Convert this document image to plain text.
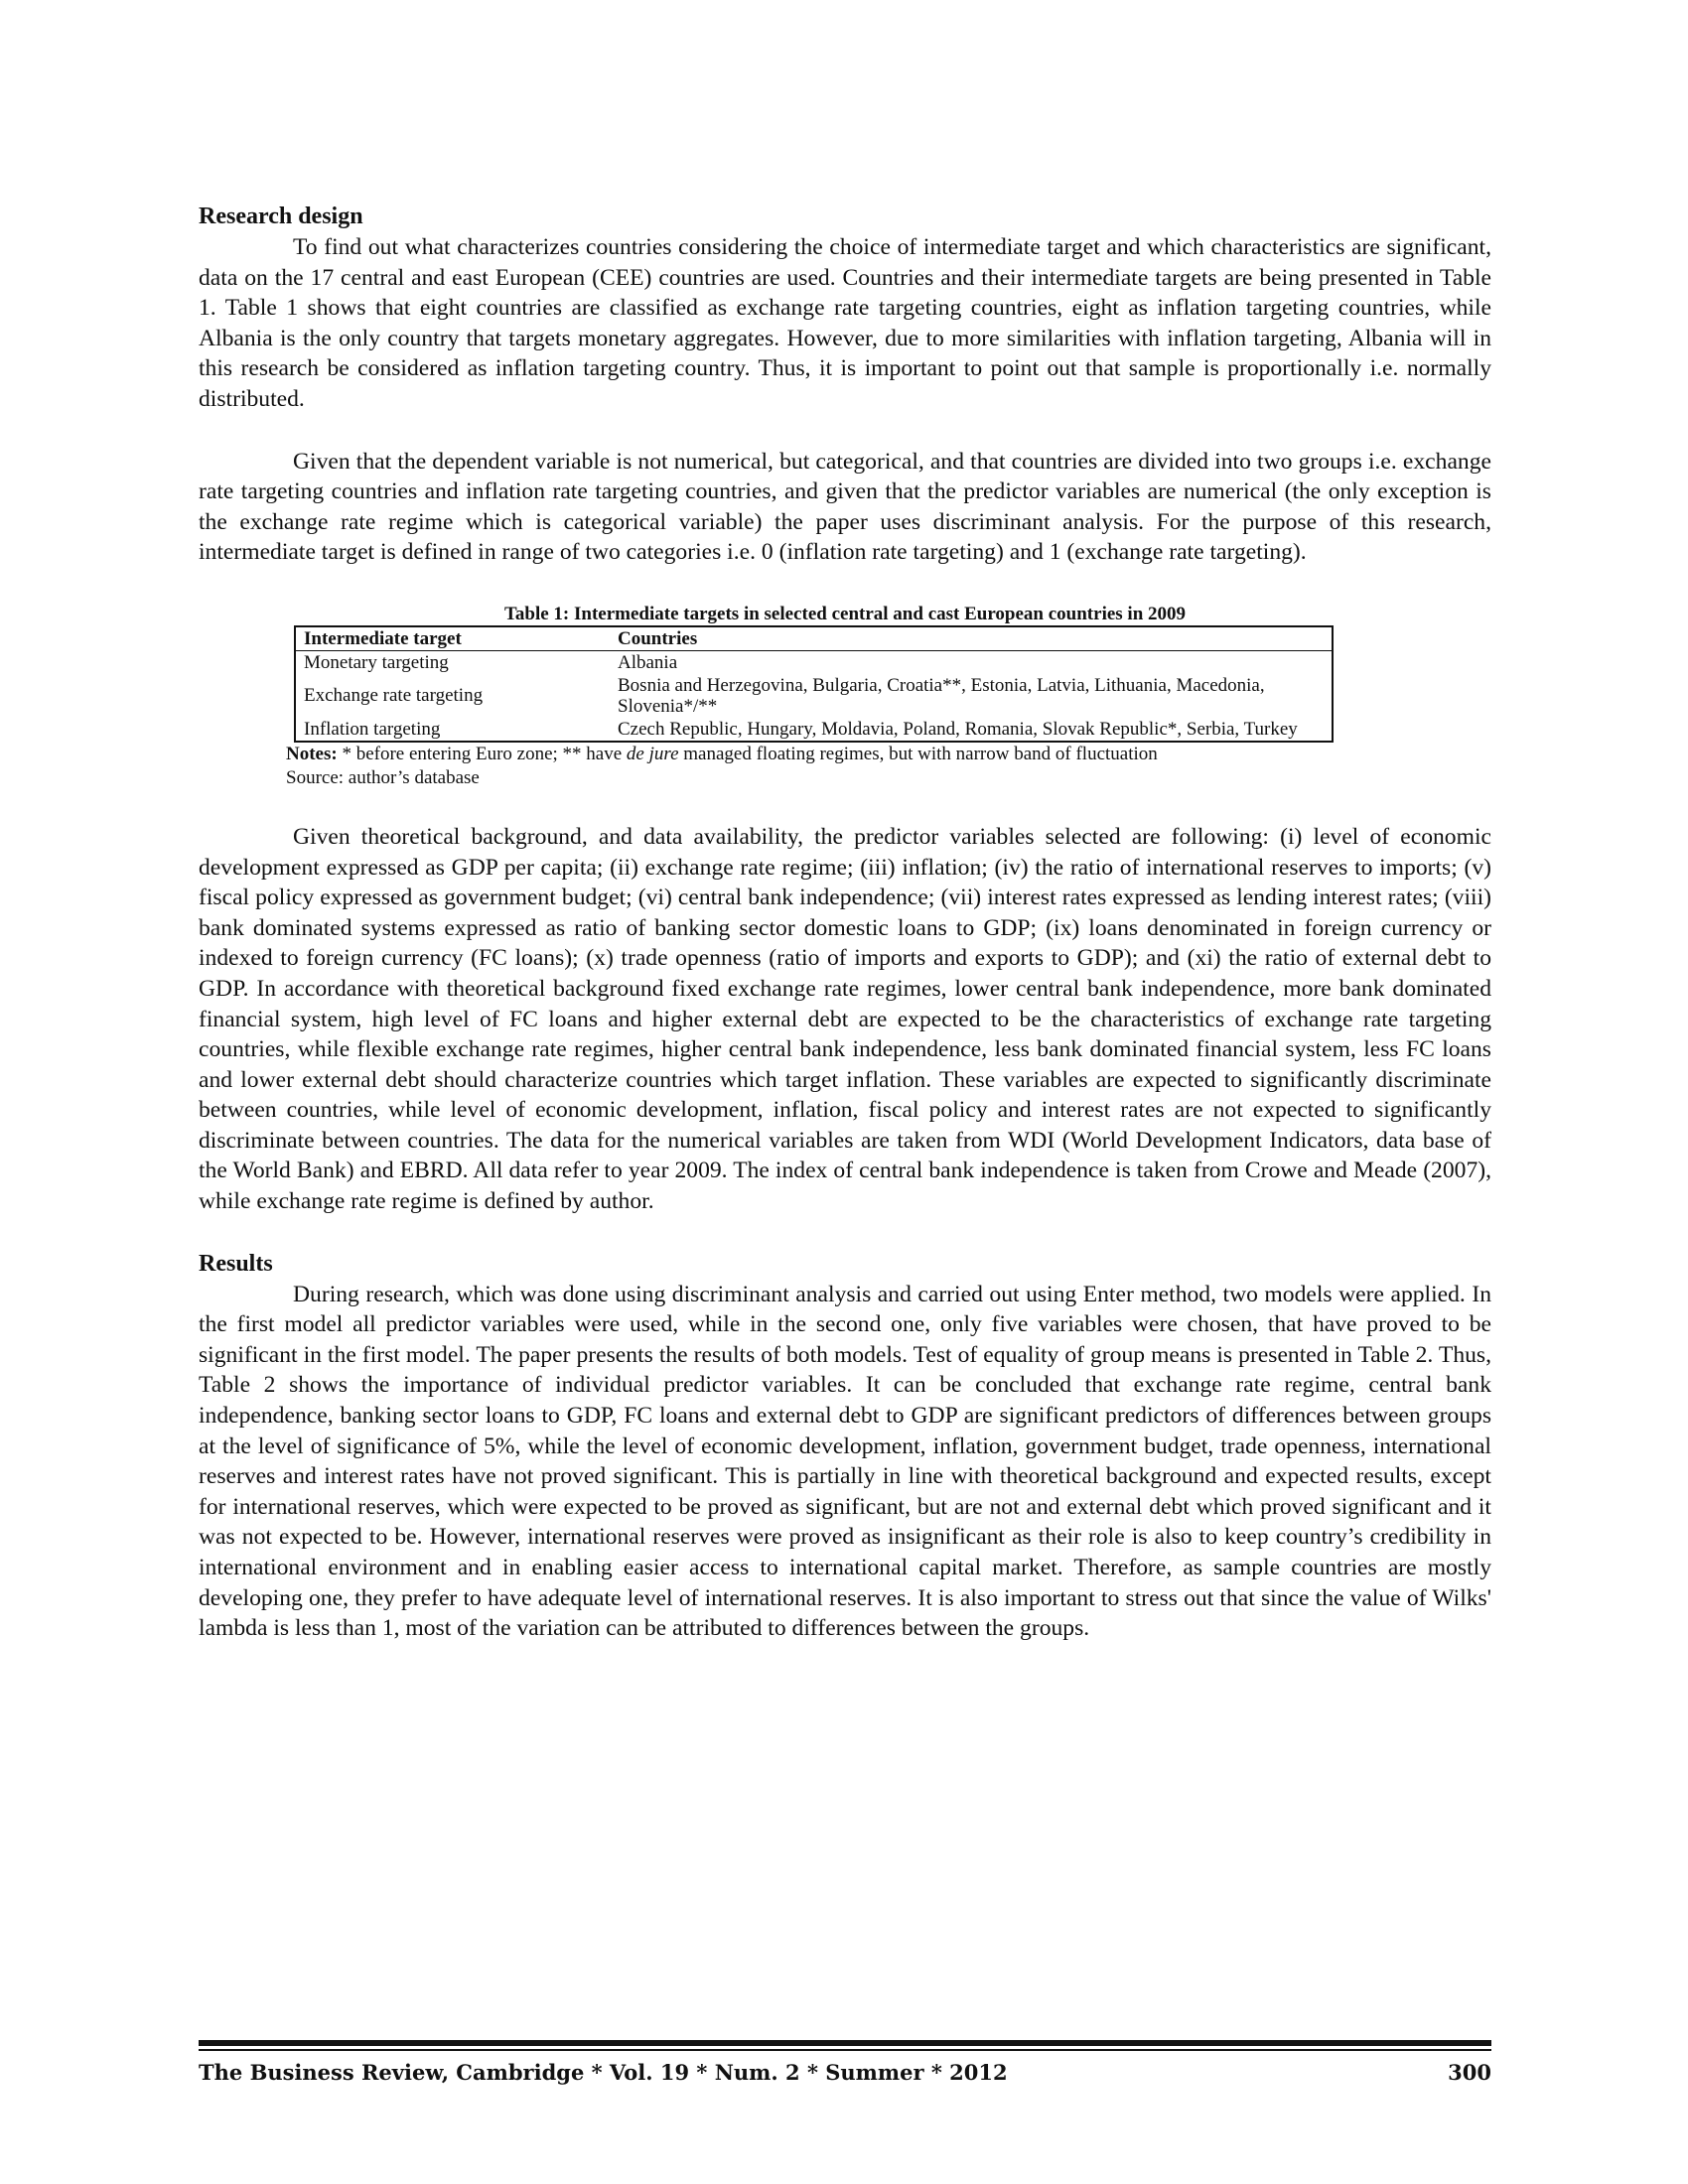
Research design

To find out what characterizes countries considering the choice of intermediate target and which characteristics are significant, data on the 17 central and east European (CEE) countries are used. Countries and their intermediate targets are being presented in Table 1. Table 1 shows that eight countries are classified as exchange rate targeting countries, eight as inflation targeting countries, while Albania is the only country that targets monetary aggregates. However, due to more similarities with inflation targeting, Albania will in this research be considered as inflation targeting country. Thus, it is important to point out that sample is proportionally i.e. normally distributed.

Given that the dependent variable is not numerical, but categorical, and that countries are divided into two groups i.e. exchange rate targeting countries and inflation rate targeting countries, and given that the predictor variables are numerical (the only exception is the exchange rate regime which is categorical variable) the paper uses discriminant analysis. For the purpose of this research, intermediate target is defined in range of two categories i.e. 0 (inflation rate targeting) and 1 (exchange rate targeting).

Table 1: Intermediate targets in selected central and cast European countries in 2009
Intermediate target	Countries
Monetary targeting	Albania
Exchange rate targeting	Bosnia and Herzegovina, Bulgaria, Croatia**, Estonia, Latvia, Lithuania, Macedonia, Slovenia*/**
Inflation targeting	Czech Republic, Hungary, Moldavia, Poland, Romania, Slovak Republic*, Serbia, Turkey
Notes: * before entering Euro zone; ** have de jure managed floating regimes, but with narrow band of fluctuation
Source: author’s database

Given theoretical background, and data availability, the predictor variables selected are following: (i) level of economic development expressed as GDP per capita; (ii) exchange rate regime; (iii) inflation; (iv) the ratio of international reserves to imports; (v) fiscal policy expressed as government budget; (vi) central bank independence; (vii) interest rates expressed as lending interest rates; (viii) bank dominated systems expressed as ratio of banking sector domestic loans to GDP; (ix) loans denominated in foreign currency or indexed to foreign currency (FC loans); (x) trade openness (ratio of imports and exports to GDP); and (xi) the ratio of external debt to GDP. In accordance with theoretical background fixed exchange rate regimes, lower central bank independence, more bank dominated financial system, high level of FC loans and higher external debt are expected to be the characteristics of exchange rate targeting countries, while flexible exchange rate regimes, higher central bank independence, less bank dominated financial system, less FC loans and lower external debt should characterize countries which target inflation. These variables are expected to significantly discriminate between countries, while level of economic development, inflation, fiscal policy and interest rates are not expected to significantly discriminate between countries. The data for the numerical variables are taken from WDI (World Development Indicators, data base of the World Bank) and EBRD. All data refer to year 2009. The index of central bank independence is taken from Crowe and Meade (2007), while exchange rate regime is defined by author.

Results

During research, which was done using discriminant analysis and carried out using Enter method, two models were applied. In the first model all predictor variables were used, while in the second one, only five variables were chosen, that have proved to be significant in the first model. The paper presents the results of both models. Test of equality of group means is presented in Table 2. Thus, Table 2 shows the importance of individual predictor variables. It can be concluded that exchange rate regime, central bank independence, banking sector loans to GDP, FC loans and external debt to GDP are significant predictors of differences between groups at the level of significance of 5%, while the level of economic development, inflation, government budget, trade openness, international reserves and interest rates have not proved significant. This is partially in line with theoretical background and expected results, except for international reserves, which were expected to be proved as significant, but are not and external debt which proved significant and it was not expected to be. However, international reserves were proved as insignificant as their role is also to keep country’s credibility in international environment and in enabling easier access to international capital market. Therefore, as sample countries are mostly developing one, they prefer to have adequate level of international reserves. It is also important to stress out that since the value of Wilks' lambda is less than 1, most of the variation can be attributed to differences between the groups.

The Business Review, Cambridge * Vol. 19 * Num. 2 * Summer * 2012	300
